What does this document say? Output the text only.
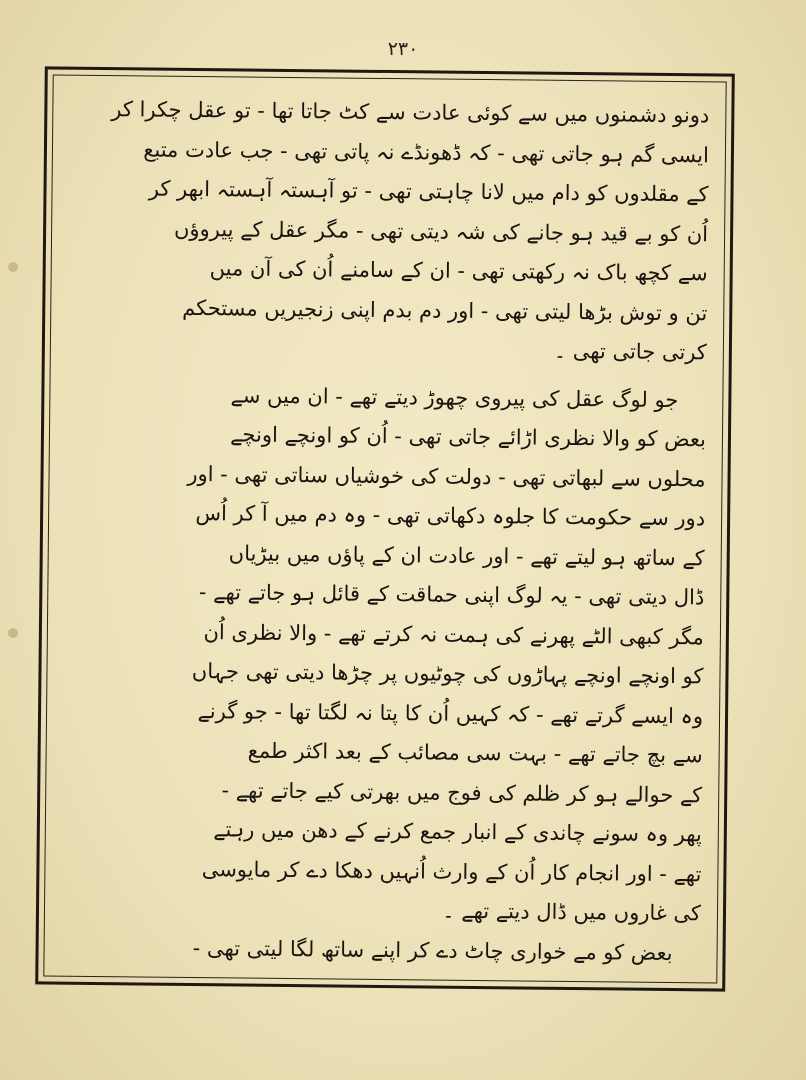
۲۳۰
دونو دشمنوں میں سے کوئی عادت سے کٹ جاتا تھا - تو عقل چکرا کر
ایسی گم ہو جاتی تھی - کہ ڈھونڈے نہ پاتی تھی - جب عادت متبع
کے مقلدوں کو دام میں لانا چاہتی تھی - تو آہستہ آہستہ ابھر کر
اُن کو بے قید ہو جانے کی شہ دیتی تھی - مگر عقل کے پیروؤں
سے کچھ باک نہ رکھتی تھی - ان کے سامنے اُن کی آن میں
تن و توش بڑھا لیتی تھی - اور دم بدم اپنی زنجیریں مستحکم
کرتی جاتی تھی ۔
جو لوگ عقل کی پیروی چھوڑ دیتے تھے - ان میں سے
بعض کو والا نظری اڑائے جاتی تھی - اُن کو اونچے اونچے
محلوں سے لبھاتی تھی - دولت کی خوشیاں سناتی تھی - اور
دور سے حکومت کا جلوہ دکھاتی تھی - وہ دم میں آ کر اُس
کے ساتھ ہو لیتے تھے - اور عادت ان کے پاؤں میں بیڑیاں
ڈال دیتی تھی - یہ لوگ اپنی حماقت کے قائل ہو جاتے تھے -
مگر کبھی الٹے پھرنے کی ہمت نہ کرتے تھے - والا نظری اُن
کو اونچے اونچے پہاڑوں کی چوٹیوں پر چڑھا دیتی تھی جہاں
وہ ایسے گرتے تھے - کہ کہیں اُن کا پتا نہ لگتا تھا - جو گرنے
سے بچ جاتے تھے - بہت سی مصائب کے بعد اکثر طمع
کے حوالے ہو کر ظلم کی فوج میں بھرتی کیے جاتے تھے -
پھر وہ سونے چاندی کے انبار جمع کرنے کے دھن میں رہتے
تھے - اور انجام کار اُن کے وارث اُنہیں دھکا دے کر مایوسی
کی غاروں میں ڈال دیتے تھے ۔
بعض کو مے خواری چاٹ دے کر اپنے ساتھ لگا لیتی تھی -
